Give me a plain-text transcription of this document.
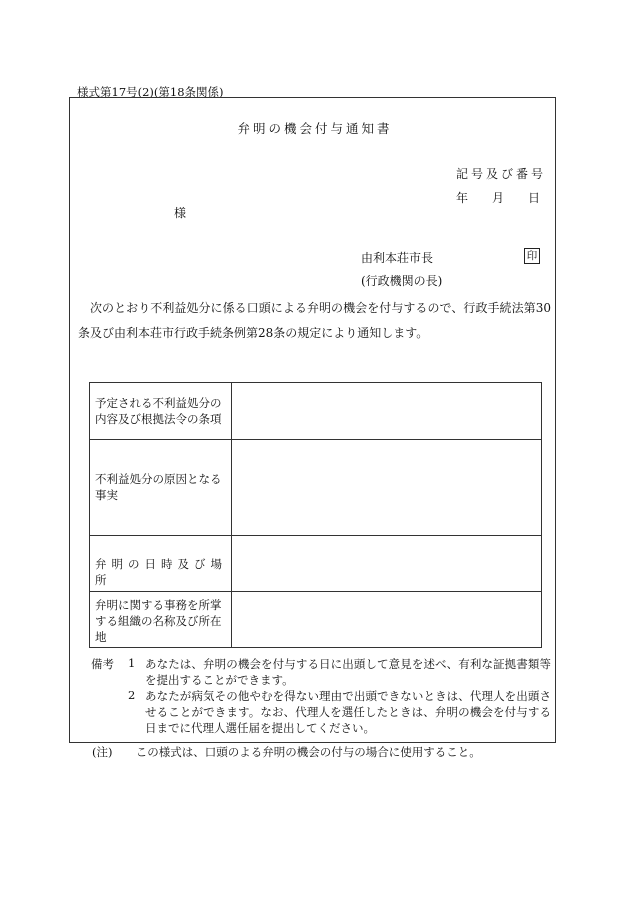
様式第17号(2)(第18条関係)
弁明の機会付与通知書
記号及び番号
年 月 日
様
由利本荘市長	印
(行政機関の長)
次のとおり不利益処分に係る口頭による弁明の機会を付与するので、行政手続法第30条及び由利本荘市行政手続条例第28条の規定により通知します。
予定される不利益処分の内容及び根拠法令の条項
不利益処分の原因となる事実
弁明の日時及び場所
弁明に関する事務を所掌する組織の名称及び所在地
備考 1 あなたは、弁明の機会を付与する日に出頭して意見を述べ、有利な証拠書類等を提出することができます。
2 あなたが病気その他やむを得ない理由で出頭できないときは、代理人を出頭させることができます。なお、代理人を選任したときは、弁明の機会を付与する日までに代理人選任届を提出してください。
(注) この様式は、口頭のよる弁明の機会の付与の場合に使用すること。
